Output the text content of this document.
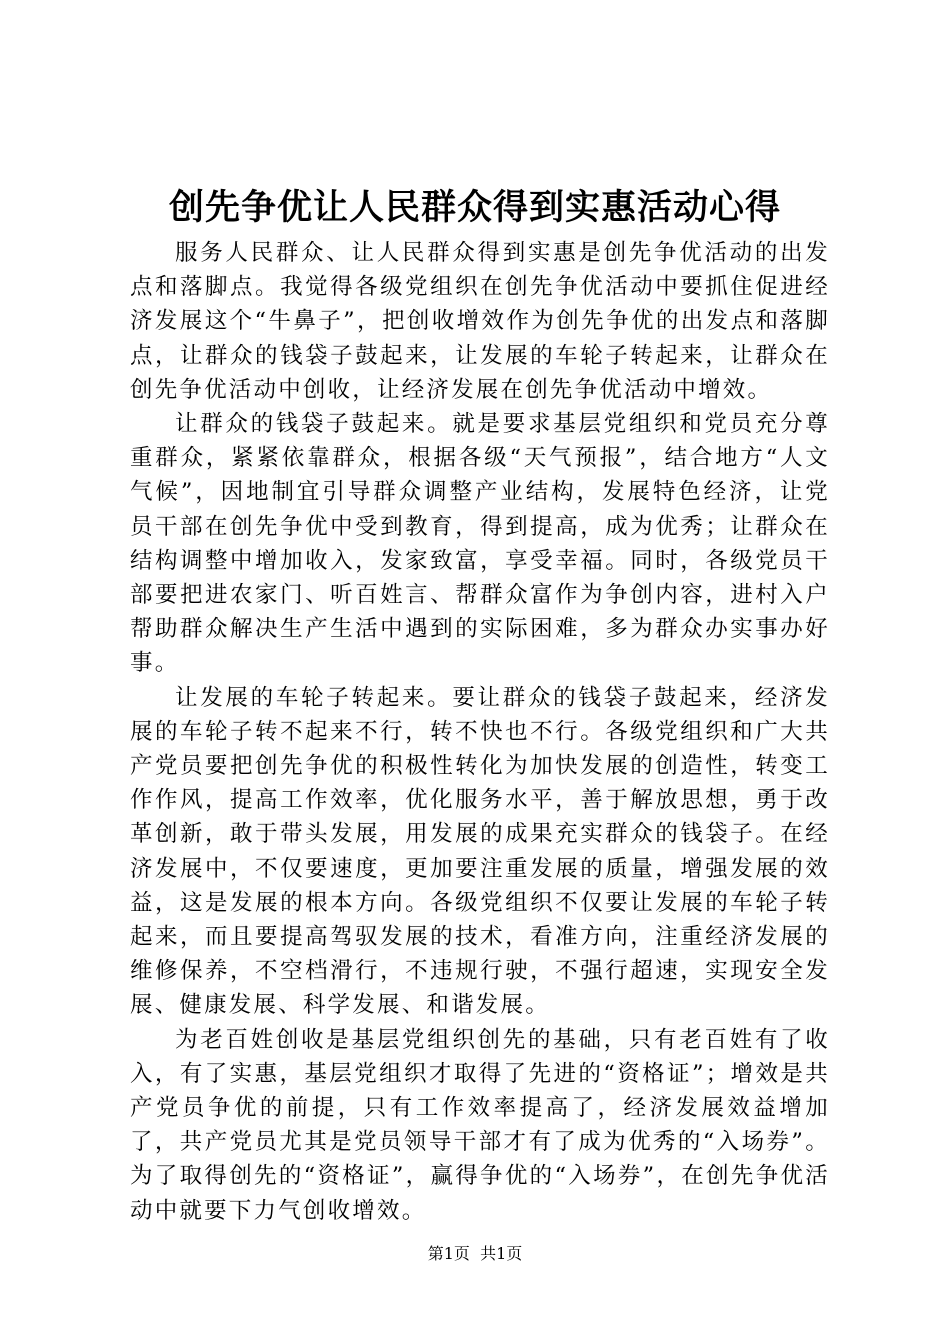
创先争优让人民群众得到实惠活动心得

服务人民群众、让人民群众得到实惠是创先争优活动的出发点和落脚点。我觉得各级党组织在创先争优活动中要抓住促进经济发展这个“牛鼻子”，把创收增效作为创先争优的出发点和落脚点，让群众的钱袋子鼓起来，让发展的车轮子转起来，让群众在创先争优活动中创收，让经济发展在创先争优活动中增效。

让群众的钱袋子鼓起来。就是要求基层党组织和党员充分尊重群众，紧紧依靠群众，根据各级“天气预报”，结合地方“人文气候”，因地制宜引导群众调整产业结构，发展特色经济，让党员干部在创先争优中受到教育，得到提高，成为优秀；让群众在结构调整中增加收入，发家致富，享受幸福。同时，各级党员干部要把进农家门、听百姓言、帮群众富作为争创内容，进村入户帮助群众解决生产生活中遇到的实际困难，多为群众办实事办好事。

让发展的车轮子转起来。要让群众的钱袋子鼓起来，经济发展的车轮子转不起来不行，转不快也不行。各级党组织和广大共产党员要把创先争优的积极性转化为加快发展的创造性，转变工作作风，提高工作效率，优化服务水平，善于解放思想，勇于改革创新，敢于带头发展，用发展的成果充实群众的钱袋子。在经济发展中，不仅要速度，更加要注重发展的质量，增强发展的效益，这是发展的根本方向。各级党组织不仅要让发展的车轮子转起来，而且要提高驾驭发展的技术，看准方向，注重经济发展的维修保养，不空档滑行，不违规行驶，不强行超速，实现安全发展、健康发展、科学发展、和谐发展。

为老百姓创收是基层党组织创先的基础，只有老百姓有了收入，有了实惠，基层党组织才取得了先进的“资格证”；增效是共产党员争优的前提，只有工作效率提高了，经济发展效益增加了，共产党员尤其是党员领导干部才有了成为优秀的“入场券”。为了取得创先的“资格证”，赢得争优的“入场券”，在创先争优活动中就要下力气创收增效。

第1页  共1页
